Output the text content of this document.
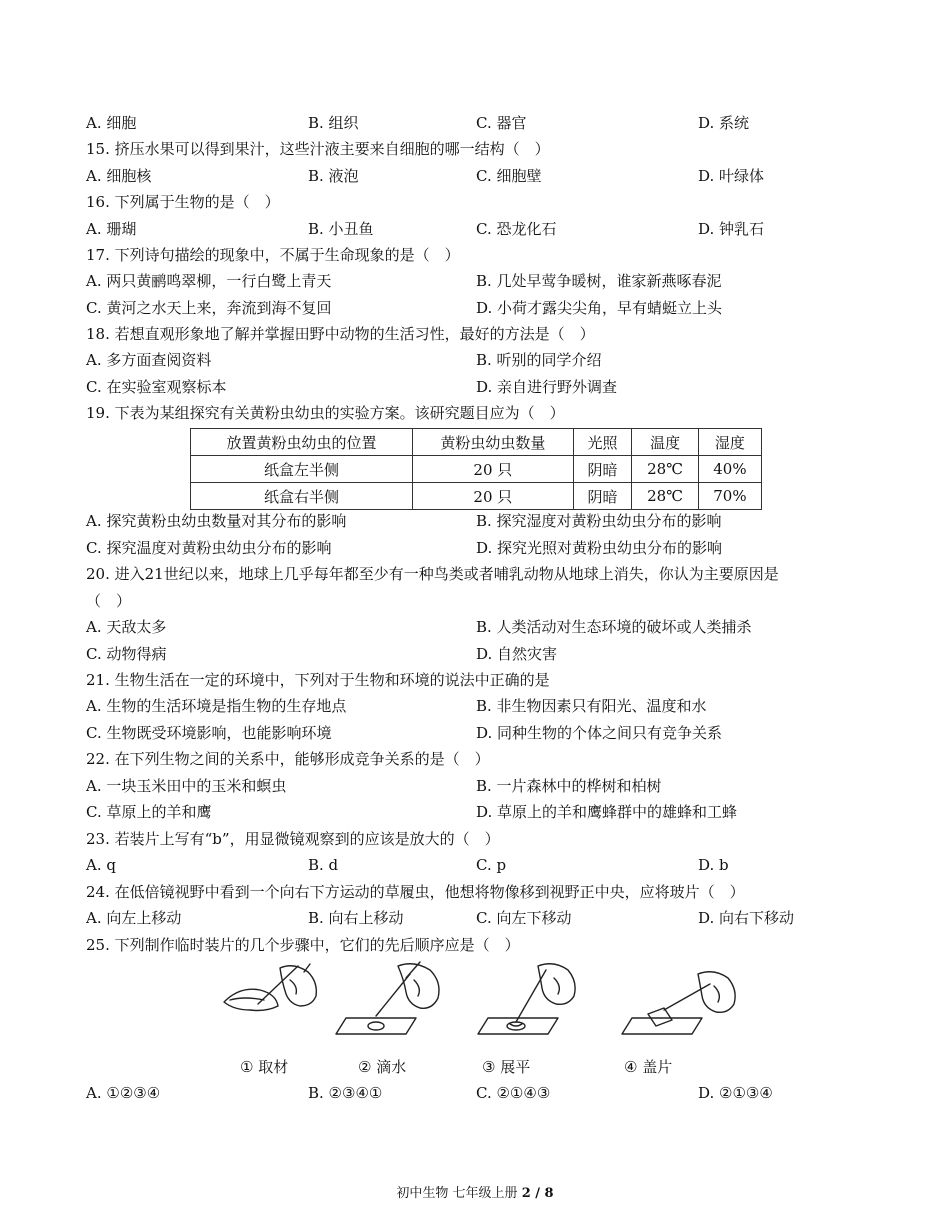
A. 细胞	B. 组织	C. 器官	D. 系统
15. 挤压水果可以得到果汁，这些汁液主要来自细胞的哪一结构（　）
A. 细胞核	B. 液泡	C. 细胞壁	D. 叶绿体
16. 下列属于生物的是（　）
A. 珊瑚	B. 小丑鱼	C. 恐龙化石	D. 钟乳石
17. 下列诗句描绘的现象中，不属于生命现象的是（　）
A. 两只黄鹂鸣翠柳，一行白鹭上青天	B. 几处早莺争暖树，谁家新燕啄春泥
C. 黄河之水天上来，奔流到海不复回	D. 小荷才露尖尖角，早有蜻蜓立上头
18. 若想直观形象地了解并掌握田野中动物的生活习性，最好的方法是（　）
A. 多方面查阅资料	B. 听别的同学介绍
C. 在实验室观察标本	D. 亲自进行野外调查
19. 下表为某组探究有关黄粉虫幼虫的实验方案。该研究题目应为（　）
放置黄粉虫幼虫的位置	黄粉虫幼虫数量	光照	温度	湿度
纸盒左半侧	20 只	阴暗	28℃	40%
纸盒右半侧	20 只	阴暗	28℃	70%
A. 探究黄粉虫幼虫数量对其分布的影响	B. 探究湿度对黄粉虫幼虫分布的影响
C. 探究温度对黄粉虫幼虫分布的影响	D. 探究光照对黄粉虫幼虫分布的影响
20. 进入21世纪以来，地球上几乎每年都至少有一种鸟类或者哺乳动物从地球上消失，你认为主要原因是
（　）
A. 天敌太多	B. 人类活动对生态环境的破坏或人类捕杀
C. 动物得病	D. 自然灾害
21. 生物生活在一定的环境中，下列对于生物和环境的说法中正确的是
A. 生物的生活环境是指生物的生存地点	B. 非生物因素只有阳光、温度和水
C. 生物既受环境影响，也能影响环境	D. 同种生物的个体之间只有竞争关系
22. 在下列生物之间的关系中，能够形成竞争关系的是（　）
A. 一块玉米田中的玉米和螟虫	B. 一片森林中的桦树和柏树
C. 草原上的羊和鹰	D. 草原上的羊和鹰蜂群中的雄蜂和工蜂
23. 若装片上写有“b”，用显微镜观察到的应该是放大的（　）
A. q	B. d	C. p	D. b
24. 在低倍镜视野中看到一个向右下方运动的草履虫，他想将物像移到视野正中央，应将玻片（　）
A. 向左上移动	B. 向右上移动	C. 向左下移动	D. 向右下移动
25. 下列制作临时装片的几个步骤中，它们的先后顺序应是（　）
① 取材	② 滴水	③ 展平	④ 盖片
A. ①②③④	B. ②③④①	C. ②①④③	D. ②①③④
初中生物 七年级上册 2 / 8
